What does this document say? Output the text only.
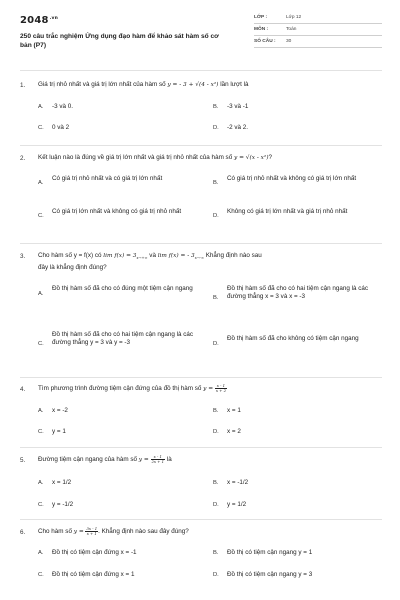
$2048^{.vn}$
250 câu trắc nghiệm Ứng dụng đạo hàm để khảo sát hàm số cơ bản (P7)
LỚP :	Lớp 12
MÔN :	Toán
SỐ CÂU : 30
1. Giá trị nhỏ nhất và giá trị lớn nhất của hàm số y = - 3 + √(4 - x²) lần lượt là
A. -3 và 0.	B. -3 và -1
C. 0 và 2	D. -2 và 2.
2. Kết luận nào là đúng về giá trị lớn nhất và giá trị nhỏ nhất của hàm số y = √(x - x²)?
A.
Có giá trị nhỏ nhất và có giá trị lớn nhất
B.
Có giá trị nhỏ nhất và không có giá trị lớn nhất
C.
Có giá trị lớn nhất và không có giá trị nhỏ nhất
D.
Không có giá trị lớn nhất và giá trị nhỏ nhất
3. Cho hàm số y = f(x) có $\lim f(x) = 3_{x\to+\infty}$ và lim f(x) = - $3_{x\to-\infty}$ Khẳng định nào sau
đây là khẳng định đúng?
A.
Đồ thị hàm số đã cho có đúng một tiệm cận ngang
B.
Đồ thị hàm số đã cho có hai tiệm cận ngang là các đường thẳng x = 3 và x = -3
C.
Đồ thị hàm số đã cho có hai tiệm cận ngang là các đường thẳng y = 3 và y = -3	D.
Đồ thị hàm số đã cho không có tiệm cận ngang
4. Tìm phương trình đường tiệm cận đứng của đồ thị hàm số $y = \frac{x - 1}{x + 2}$
A. x = -2	B. x = 1
C. y = 1	D. x = 2
5. Đường tiệm cận ngang của hàm số $y = \frac{x - 1}{2x + 1}$ là
A. x = 1/2	B. x = -1/2
C. y = -1/2	D. y = 1/2
6. Cho hàm số $y = \frac{3x - 1}{x + 1}$ . Khẳng định nào sau đây đúng?
A. Đồ thị có tiệm cận đứng x = -1	B. Đồ thị có tiệm cận ngang y = 1
C. Đồ thị có tiệm cận đứng x = 1	D. Đồ thị có tiệm cận ngang y = 3
